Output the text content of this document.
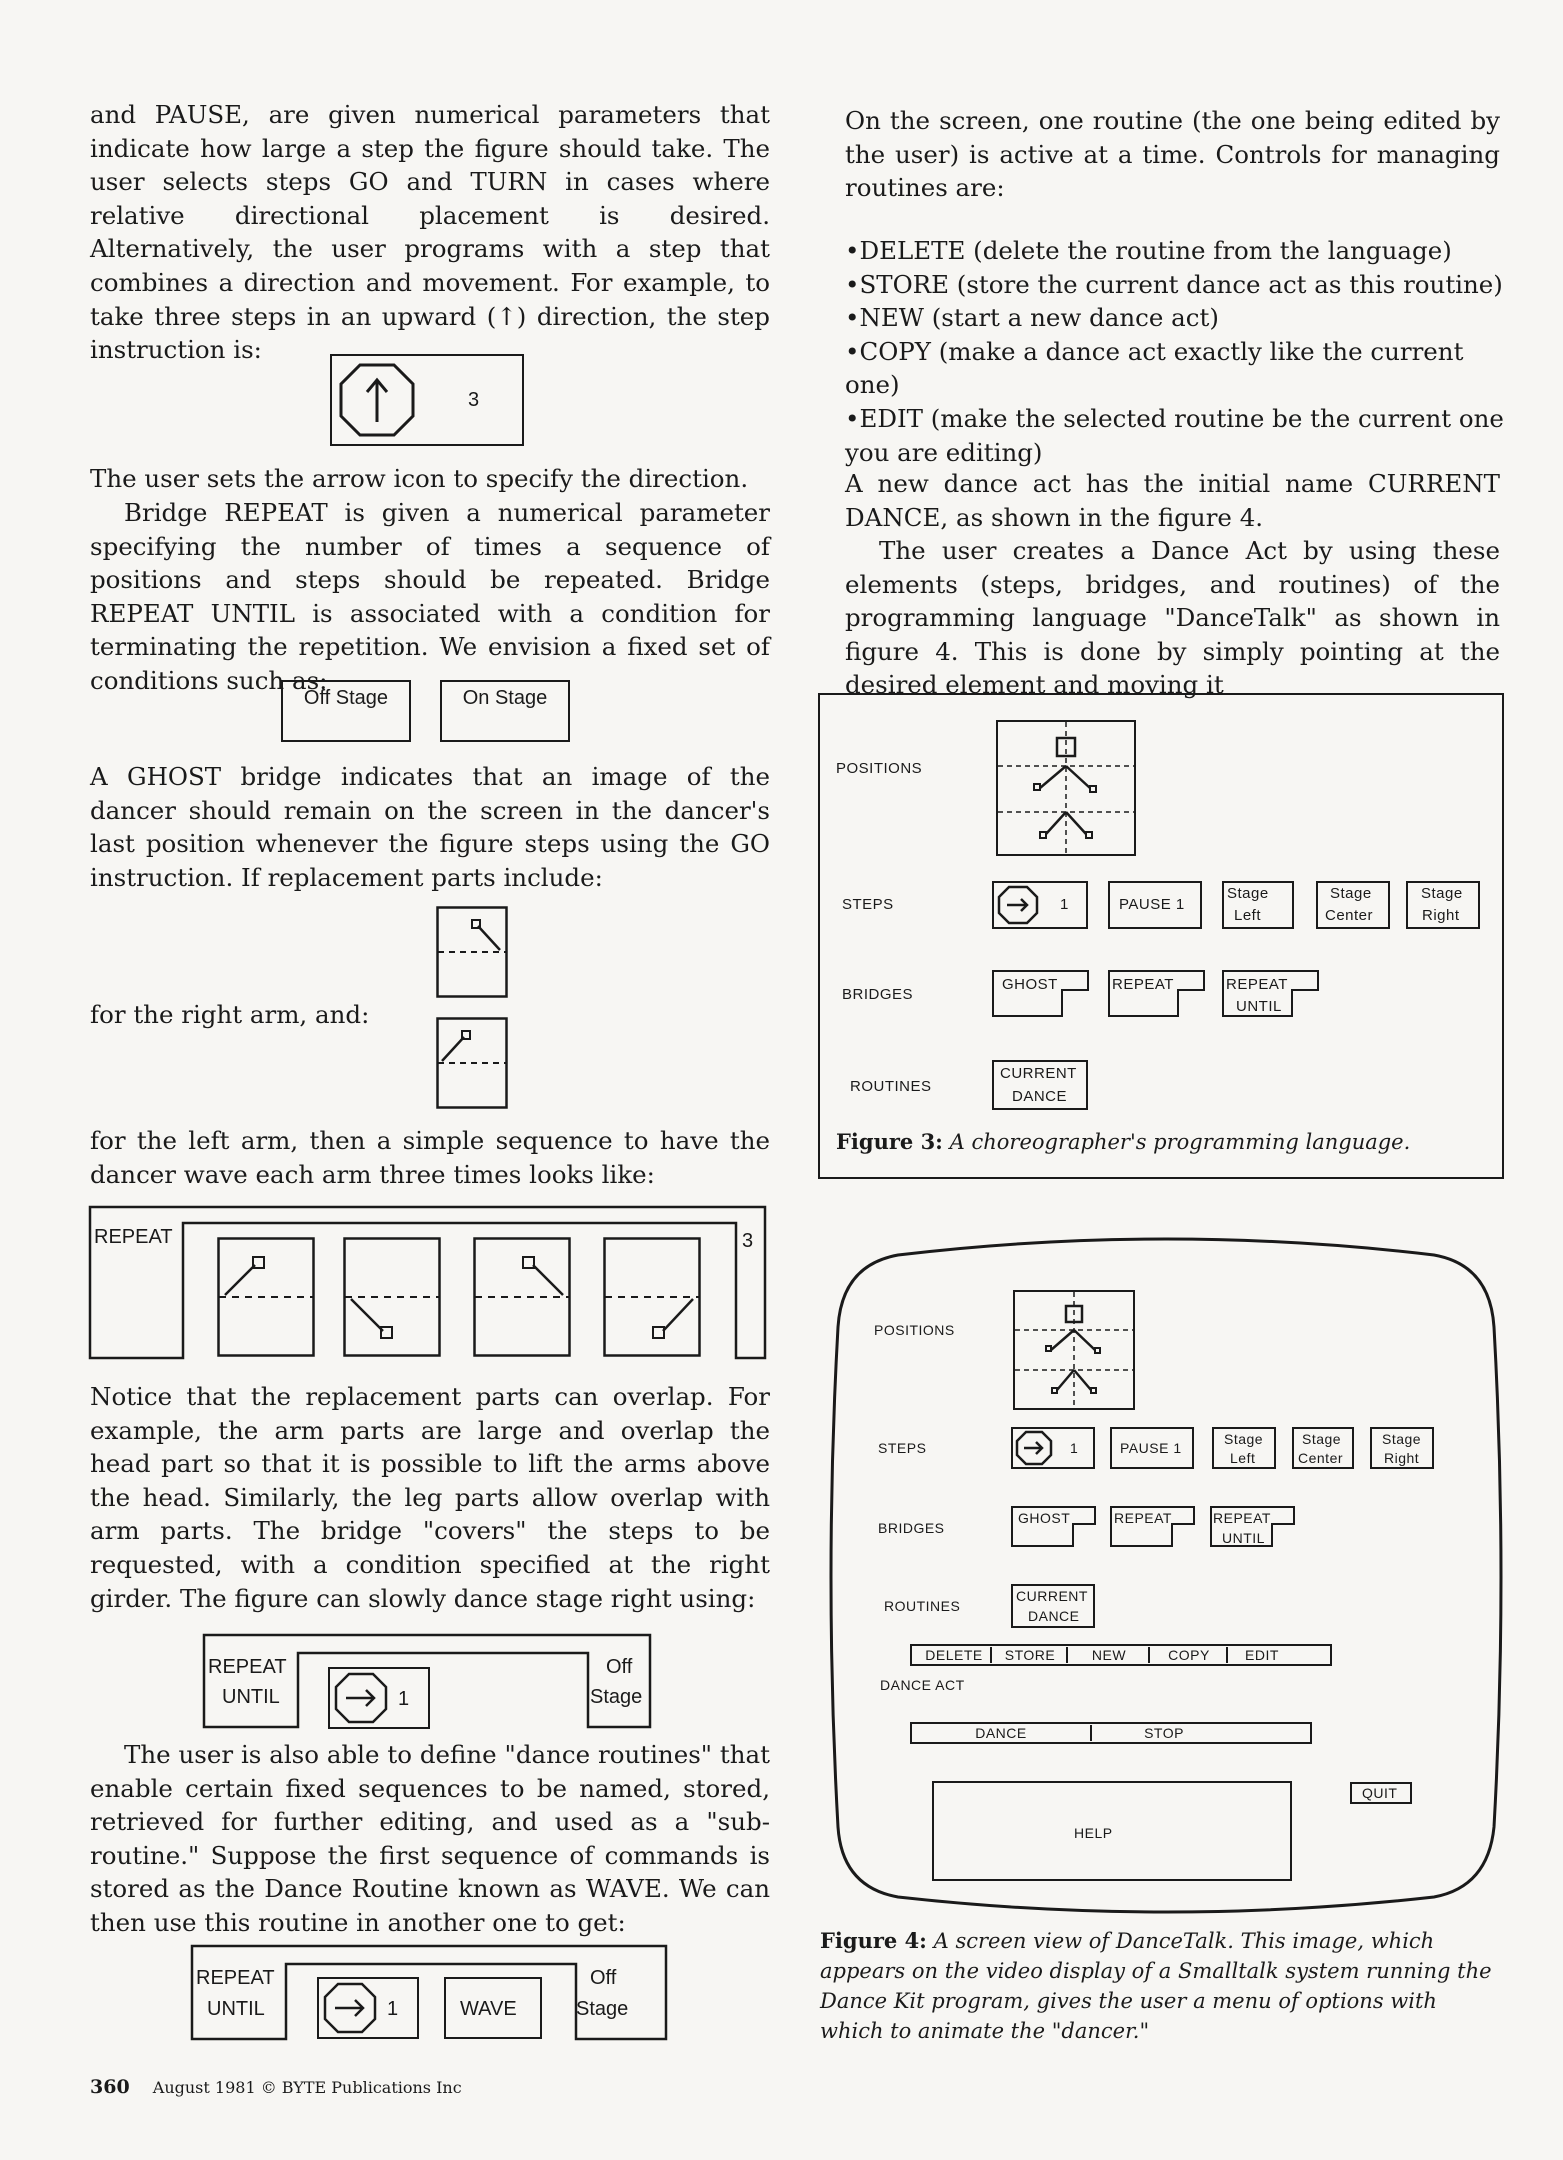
and PAUSE, are given numerical parameters that indicate how large a step the figure should take. The user selects steps GO and TURN in cases where relative directional placement is desired. Alternatively, the user programs with a step that combines a direction and movement. For example, to take three steps in an upward (↑) direction, the step instruction is:

3

The user sets the arrow icon to specify the direction.

Bridge REPEAT is given a numerical parameter specifying the number of times a sequence of positions and steps should be repeated. Bridge REPEAT UNTIL is associated with a condition for terminating the repetition. We envision a fixed set of conditions such as:

Off Stage	On Stage

A GHOST bridge indicates that an image of the dancer should remain on the screen in the dancer's last position whenever the figure steps using the GO instruction. If replacement parts include:

for the right arm, and:

for the left arm, then a simple sequence to have the dancer wave each arm three times looks like:

REPEAT	3

Notice that the replacement parts can overlap. For example, the arm parts are large and overlap the head part so that it is possible to lift the arms above the head. Similarly, the leg parts allow overlap with arm parts. The bridge "covers" the steps to be requested, with a condition specified at the right girder. The figure can slowly dance stage right using:

REPEAT
UNTIL	1
Off
Stage

The user is also able to define "dance routines" that enable certain fixed sequences to be named, stored, retrieved for further editing, and used as a "sub-routine." Suppose the first sequence of commands is stored as the Dance Routine known as WAVE. We can then use this routine in another one to get:

REPEAT
UNTIL	1	WAVE
Off
Stage

On the screen, one routine (the one being edited by the user) is active at a time. Controls for managing routines are:

•DELETE (delete the routine from the language)
•STORE (store the current dance act as this routine)
•NEW (start a new dance act)
•COPY (make a dance act exactly like the current one)
•EDIT (make the selected routine be the current one you are editing)

A new dance act has the initial name CURRENT DANCE, as shown in the figure 4.

The user creates a Dance Act by using these elements (steps, bridges, and routines) of the programming language "DanceTalk" as shown in figure 4. This is done by simply pointing at the desired element and moving it

POSITIONS
STEPS	1	PAUSE 1
Stage
Left
Stage
Center
Stage
Right
BRIDGES
GHOST	REPEAT	REPEAT
UNTIL
ROUTINES
CURRENT
DANCE
Figure 3: A choreographer's programming language.
POSITIONS
STEPS	1	PAUSE 1
Stage
Left
Stage
Center
Stage
Right
BRIDGES
GHOST	REPEAT	REPEAT
UNTIL
ROUTINES
CURRENT
DANCE
DELETE	STORE	NEW	COPY	EDIT
DANCE ACT
DANCE	STOP
HELP
QUIT
Figure 4: A screen view of DanceTalk. This image, which appears on the video display of a Smalltalk system running the Dance Kit program, gives the user a menu of options with which to animate the "dancer."
360 August 1981 © BYTE Publications Inc
